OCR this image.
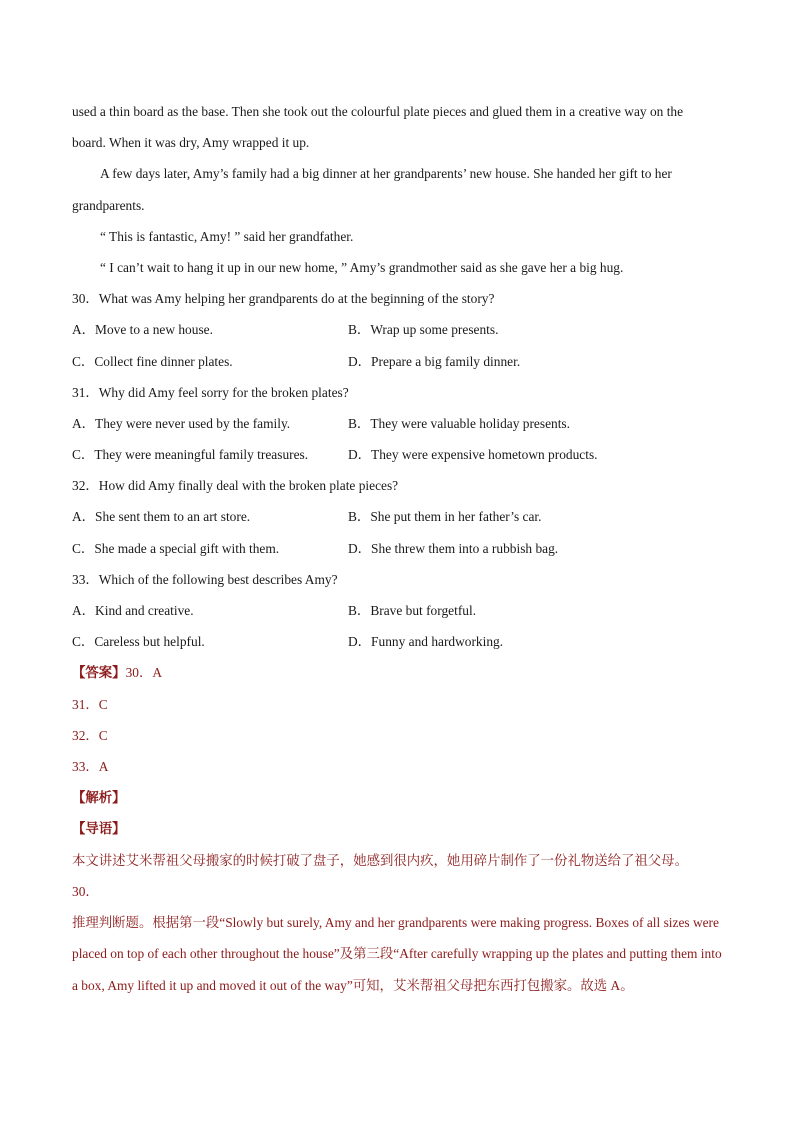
used a thin board as the base. Then she took out the colourful plate pieces and glued them in a creative way on the
board. When it was dry, Amy wrapped it up.
A few days later, Amy’s family had a big dinner at her grandparents’ new house. She handed her gift to her
grandparents.
“ This is fantastic, Amy! ” said her grandfather.
“ I can’t wait to hang it up in our new home, ” Amy’s grandmother said as she gave her a big hug.
30．What was Amy helping her grandparents do at the beginning of the story?
A．Move to a new house.	B．Wrap up some presents.
C．Collect fine dinner plates.	D．Prepare a big family dinner.
31．Why did Amy feel sorry for the broken plates?
A．They were never used by the family.	B．They were valuable holiday presents.
C．They were meaningful family treasures.	D．They were expensive hometown products.
32．How did Amy finally deal with the broken plate pieces?
A．She sent them to an art store.	B．She put them in her father’s car.
C．She made a special gift with them.	D．She threw them into a rubbish bag.
33．Which of the following best describes Amy?
A．Kind and creative.	B．Brave but forgetful.
C．Careless but helpful.	D．Funny and hardworking.
【答案】30．A
31．C
32．C
33．A
【解析】
【导语】
本文讲述艾米帮祖父母搬家的时候打破了盘子，她感到很内疚，她用碎片制作了一份礼物送给了祖父母。
30．
推理判断题。根据第一段“Slowly but surely, Amy and her grandparents were making progress. Boxes of all sizes were placed on top of each other throughout the house”及第三段“After carefully wrapping up the plates and putting them into a box, Amy lifted it up and moved it out of the way”可知，艾米帮祖父母把东西打包搬家。故选 A。
